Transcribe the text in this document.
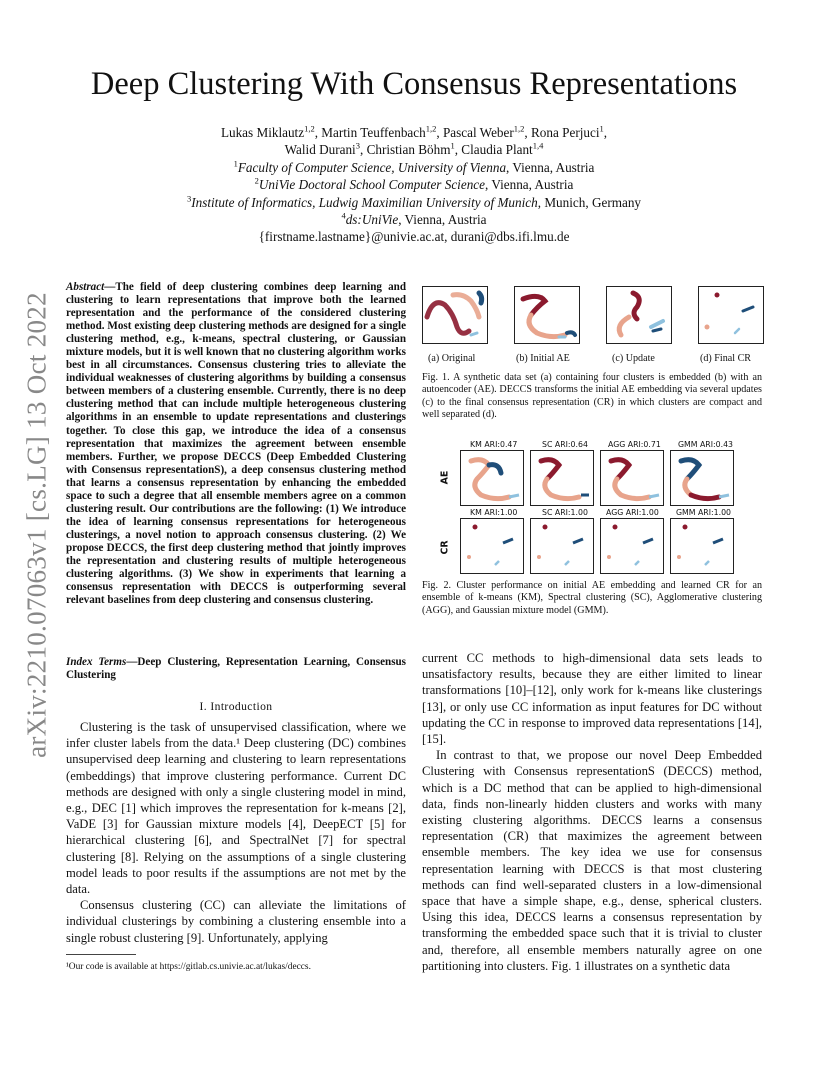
arXiv:2210.07063v1 [cs.LG] 13 Oct 2022
Deep Clustering With Consensus Representations
Lukas Miklautz$^{1,2}$, Martin Teuffenbach$^{1,2}$, Pascal Weber$^{1,2}$, Rona Perjuci$^1$,
Walid Durani$^3$, Christian Böhm$^1$, Claudia Plant$^{1,4}$
$^1$Faculty of Computer Science, University of Vienna, Vienna, Austria
$^2$UniVie Doctoral School Computer Science, Vienna, Austria
$^3$Institute of Informatics, Ludwig Maximilian University of Munich, Munich, Germany
$^4$ds:UniVie, Vienna, Austria
{firstname.lastname}@univie.ac.at, durani@dbs.ifi.lmu.de
Abstract—The field of deep clustering combines deep learning and clustering to learn representations that improve both the learned representation and the performance of the considered clustering method. Most existing deep clustering methods are designed for a single clustering method, e.g., k-means, spectral clustering, or Gaussian mixture models, but it is well known that no clustering algorithm works best in all circumstances. Consensus clustering tries to alleviate the individual weaknesses of clustering algorithms by building a consensus between members of a clustering ensemble. Currently, there is no deep clustering method that can include multiple heterogeneous clustering algorithms in an ensemble to update representations and clusterings together. To close this gap, we introduce the idea of a consensus representation that maximizes the agreement between ensemble members. Further, we propose DECCS (Deep Embedded Clustering with Consensus representationS), a deep consensus clustering method that learns a consensus representation by enhancing the embedded space to such a degree that all ensemble members agree on a common clustering result. Our contributions are the following: (1) We introduce the idea of learning consensus representations for heterogeneous clusterings, a novel notion to approach consensus clustering. (2) We propose DECCS, the first deep clustering method that jointly improves the representation and clustering results of multiple heterogeneous clustering algorithms. (3) We show in experiments that learning a consensus representation with DECCS is outperforming several relevant baselines from deep clustering and consensus clustering.
Index Terms—Deep Clustering, Representation Learning, Consensus Clustering
I. Introduction

Clustering is the task of unsupervised classification, where we infer cluster labels from the data.¹ Deep clustering (DC) combines unsupervised deep learning and clustering to learn representations (embeddings) that improve clustering performance. Current DC methods are designed with only a single clustering model in mind, e.g., DEC [1] which improves the representation for k-means [2], VaDE [3] for Gaussian mixture models [4], DeepECT [5] for hierarchical clustering [6], and SpectralNet [7] for spectral clustering [8]. Relying on the assumptions of a single clustering model leads to poor results if the assumptions are not met by the data.

Consensus clustering (CC) can alleviate the limitations of individual clusterings by combining a clustering ensemble into a single robust clustering [9]. Unfortunately, applying

¹Our code is available at https://gitlab.cs.univie.ac.at/lukas/deccs.
(a) Original	(b) Initial AE	(c) Update	(d) Final CR
Fig. 1. A synthetic data set (a) containing four clusters is embedded (b) with an autoencoder (AE). DECCS transforms the initial AE embedding via several updates (c) to the final consensus representation (CR) in which clusters are compact and well separated (d).
AE
CR
KM ARI:0.47	SC ARI:0.64	AGG ARI:0.71 GMM ARI:0.43
KM ARI:1.00	SC ARI:1.00 AGG ARI:1.00 GMM ARI:1.00
Fig. 2. Cluster performance on initial AE embedding and learned CR for an ensemble of k-means (KM), Spectral clustering (SC), Agglomerative clustering (AGG), and Gaussian mixture model (GMM).

current CC methods to high-dimensional data sets leads to unsatisfactory results, because they are either limited to linear transformations [10]–[12], only work for k-means like clusterings [13], or only use CC information as input features for DC without updating the CC in response to improved data representations [14], [15].

In contrast to that, we propose our novel Deep Embedded Clustering with Consensus representationS (DECCS) method, which is a DC method that can be applied to high-dimensional data, finds non-linearly hidden clusters and works with many existing clustering algorithms. DECCS learns a consensus representation (CR) that maximizes the agreement between ensemble members. The key idea we use for consensus representation learning with DECCS is that most clustering methods can find well-separated clusters in a low-dimensional space that have a simple shape, e.g., dense, spherical clusters. Using this idea, DECCS learns a consensus representation by transforming the embedded space such that it is trivial to cluster and, therefore, all ensemble members naturally agree on one partitioning into clusters. Fig. 1 illustrates on a synthetic data
